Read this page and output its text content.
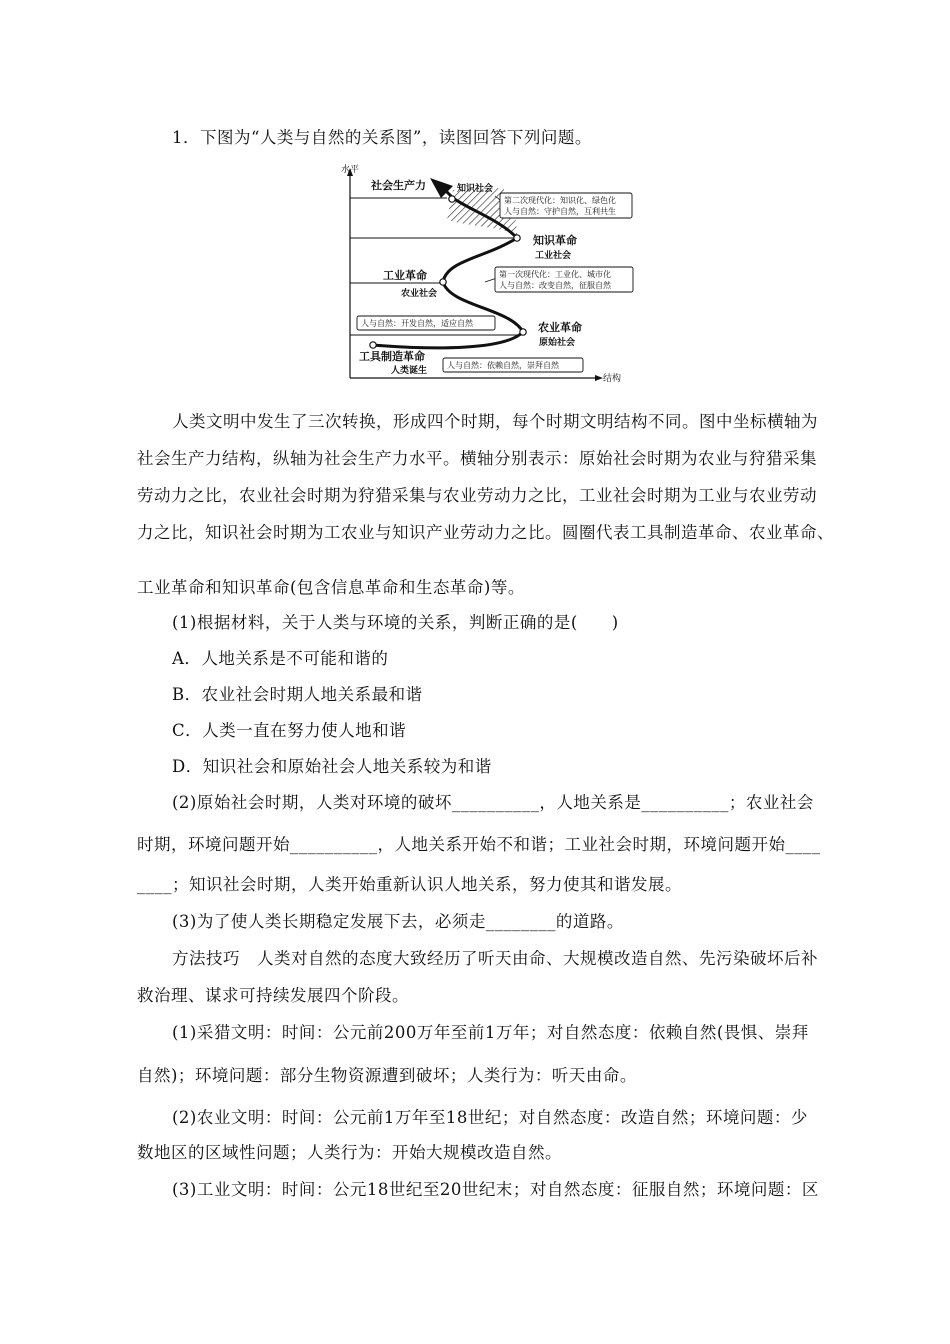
1．下图为“人类与自然的关系图”，读图回答下列问题。
水平
结构
社会生产力	知识社会
知识革命
工业社会
工业革命
农业社会
农业革命
原始社会
工具制造革命
人类诞生
第二次现代化：知识化、绿色化
人与自然：守护自然，互利共生
第一次现代化：工业化、城市化
人与自然：改变自然，征服自然
人与自然：开发自然，适应自然
人与自然：依赖自然，崇拜自然
人类文明中发生了三次转换，形成四个时期，每个时期文明结构不同。图中坐标横轴为
社会生产力结构，纵轴为社会生产力水平。横轴分别表示：原始社会时期为农业与狩猎采集
劳动力之比，农业社会时期为狩猎采集与农业劳动力之比，工业社会时期为工业与农业劳动
力之比，知识社会时期为工农业与知识产业劳动力之比。圆圈代表工具制造革命、农业革命、
工业革命和知识革命(包含信息革命和生态革命)等。
(1)根据材料，关于人类与环境的关系，判断正确的是(　　)
A．人地关系是不可能和谐的
B．农业社会时期人地关系最和谐
C．人类一直在努力使人地和谐
D．知识社会和原始社会人地关系较为和谐
(2)原始社会时期，人类对环境的破坏__________，人地关系是__________；农业社会
时期，环境问题开始__________，人地关系开始不和谐；工业社会时期，环境问题开始____
____；知识社会时期，人类开始重新认识人地关系，努力使其和谐发展。
(3)为了使人类长期稳定发展下去，必须走________的道路。
方法技巧　人类对自然的态度大致经历了听天由命、大规模改造自然、先污染破坏后补
救治理、谋求可持续发展四个阶段。
(1)采猎文明：时间：公元前200万年至前1万年；对自然态度：依赖自然(畏惧、崇拜
自然)；环境问题：部分生物资源遭到破坏；人类行为：听天由命。
(2)农业文明：时间：公元前1万年至18世纪；对自然态度：改造自然；环境问题：少
数地区的区域性问题；人类行为：开始大规模改造自然。
(3)工业文明：时间：公元18世纪至20世纪末；对自然态度：征服自然；环境问题：区
